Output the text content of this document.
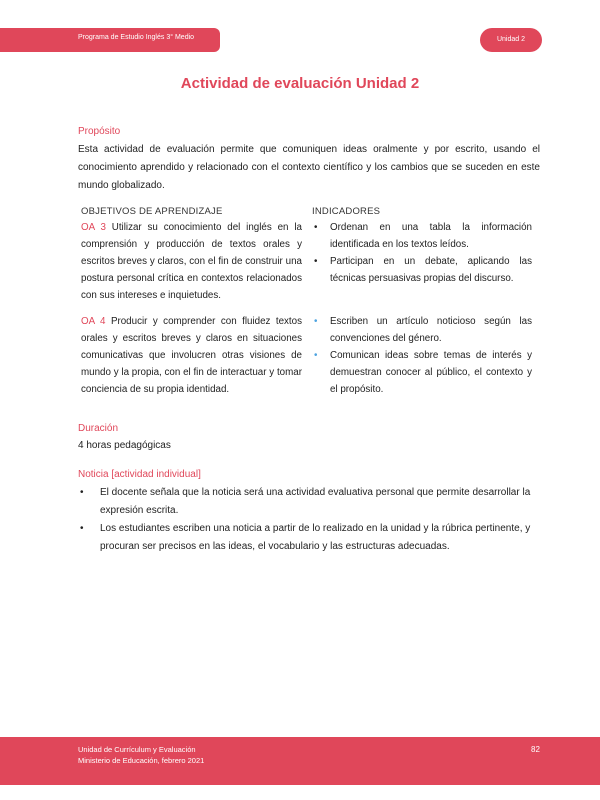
Programa de Estudio Inglés 3° Medio	Unidad 2
Actividad de evaluación Unidad 2
Propósito
Esta actividad de evaluación permite que comuniquen ideas oralmente y por escrito, usando el conocimiento aprendido y relacionado con el contexto científico y los cambios que se suceden en este mundo globalizado.
OBJETIVOS DE APRENDIZAJE	INDICADORES
OA 3 Utilizar su conocimiento del inglés en la comprensión y producción de textos orales y escritos breves y claros, con el fin de construir una postura personal crítica en contextos relacionados con sus intereses e inquietudes.
• Ordenan en una tabla la información identificada en los textos leídos.
• Participan en un debate, aplicando las técnicas persuasivas propias del discurso.
OA 4 Producir y comprender con fluidez textos orales y escritos breves y claros en situaciones comunicativas que involucren otras visiones de mundo y la propia, con el fin de interactuar y tomar conciencia de su propia identidad.
• Escriben un artículo noticioso según las convenciones del género.
• Comunican ideas sobre temas de interés y demuestran conocer al público, el contexto y el propósito.
Duración
4 horas pedagógicas
Noticia [actividad individual]
• El docente señala que la noticia será una actividad evaluativa personal que permite desarrollar la expresión escrita.
• Los estudiantes escriben una noticia a partir de lo realizado en la unidad y la rúbrica pertinente, y procuran ser precisos en las ideas, el vocabulario y las estructuras adecuadas.
Unidad de Currículum y Evaluación
Ministerio de Educación, febrero 2021
82
